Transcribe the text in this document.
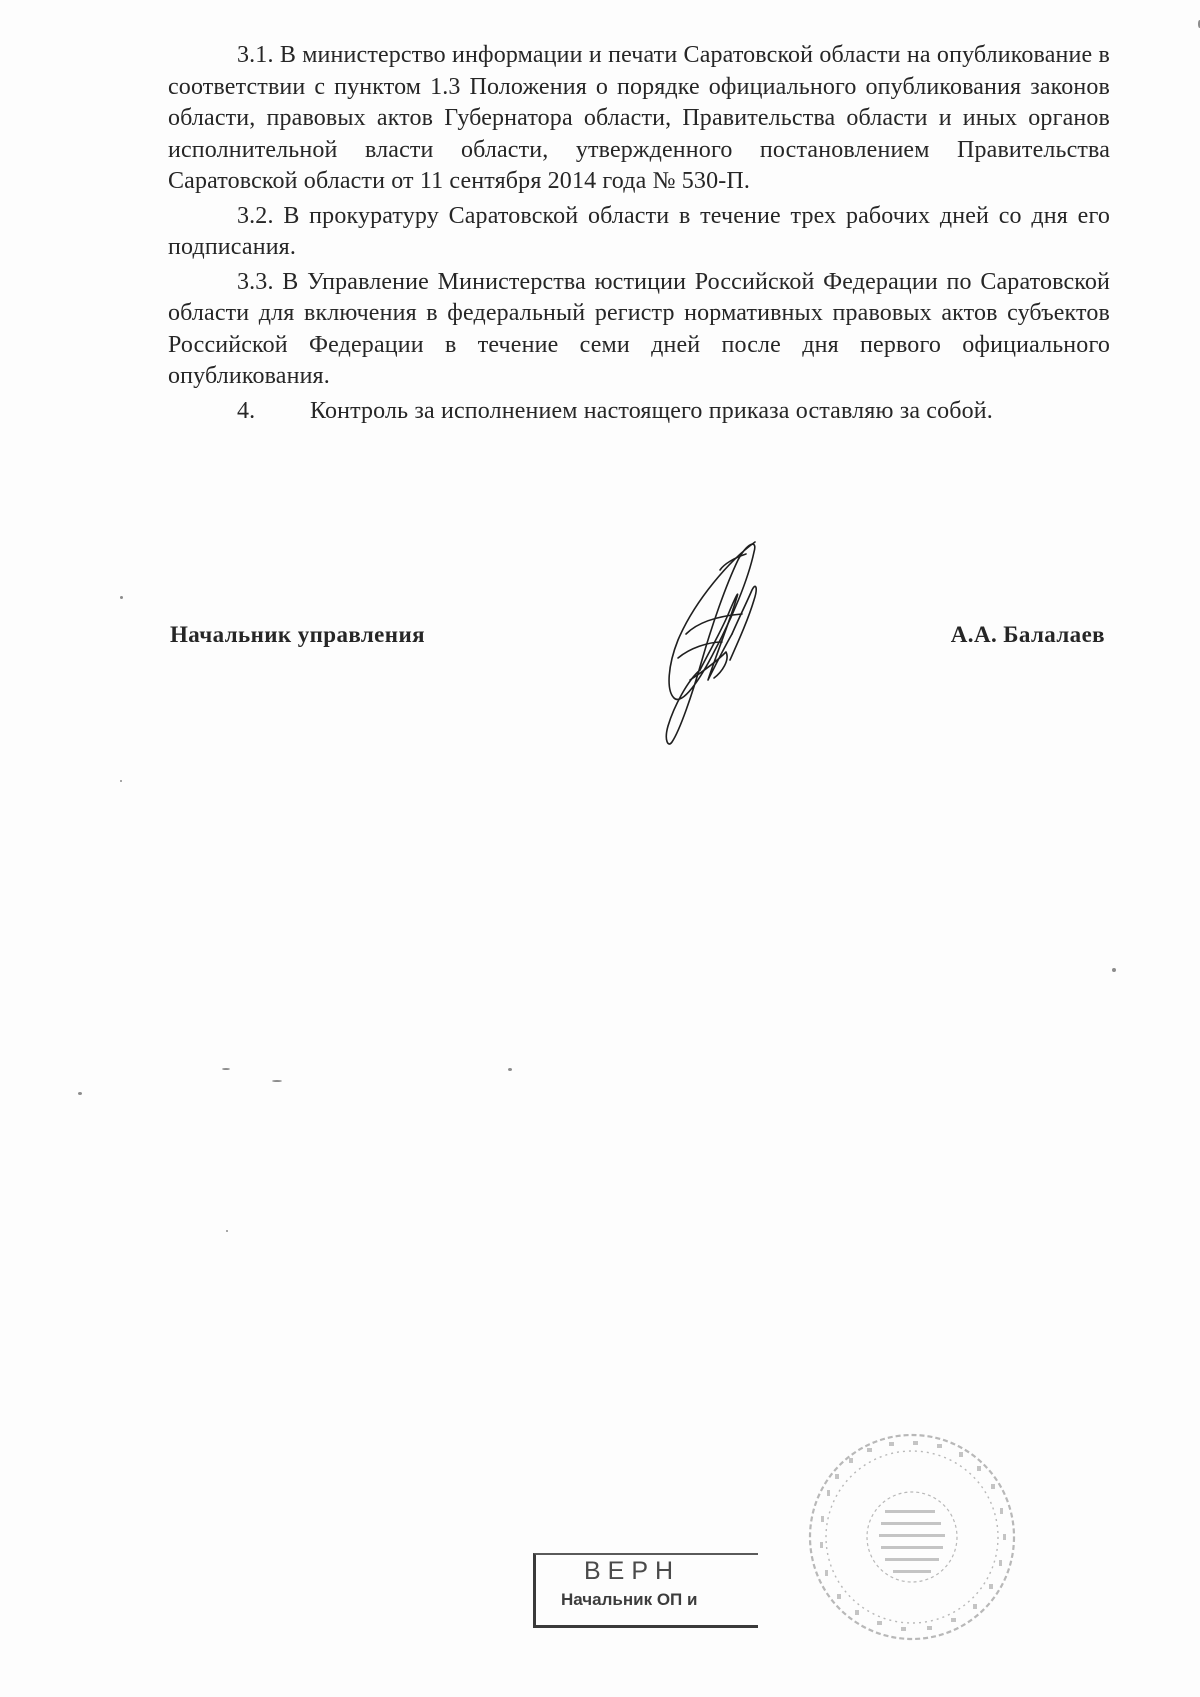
3.1. В министерство информации и печати Саратовской области на опубликование в соответствии с пунктом 1.3 Положения о порядке официального опубликования законов области, правовых актов Губернатора области, Правительства области и иных органов исполнительной власти области, утвержденного постановлением Правительства Саратовской области от 11 сентября 2014 года № 530-П.

3.2. В прокуратуру Саратовской области в течение трех рабочих дней со дня его подписания.

3.3. В Управление Министерства юстиции Российской Федерации по Саратовской области для включения в федеральный регистр нормативных правовых актов субъектов Российской Федерации в течение семи дней после дня первого официального опубликования.

4. Контроль за исполнением настоящего приказа оставляю за собой.

Начальник управления	А.А. Балалаев
ВЕРН
Начальник ОП и
